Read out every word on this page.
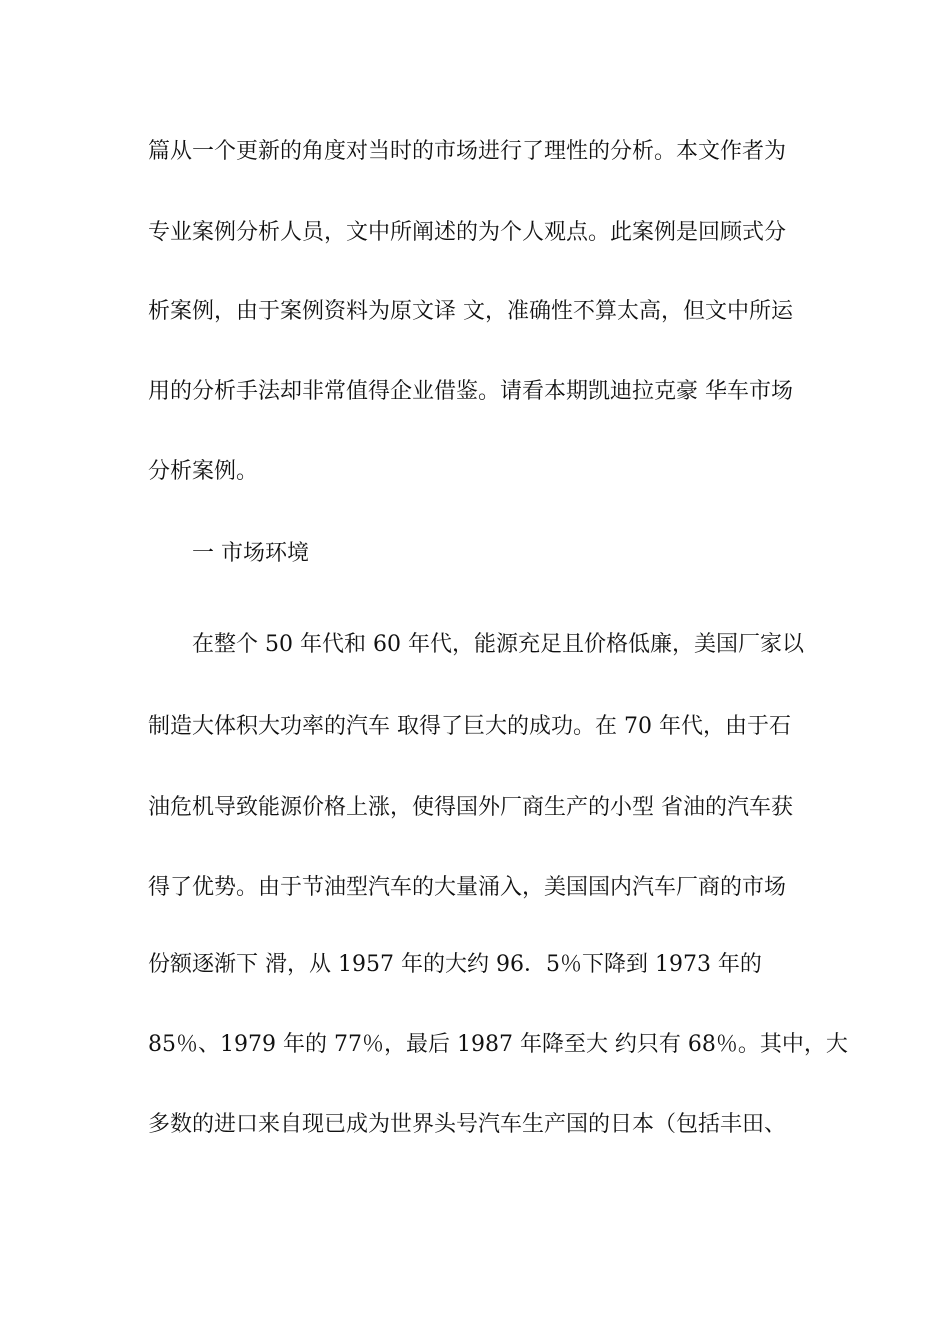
篇从一个更新的角度对当时的市场进行了理性的分析。本文作者为

专业案例分析人员，文中所阐述的为个人观点。此案例是回顾式分

析案例，由于案例资料为原文译 文，准确性不算太高，但文中所运

用的分析手法却非常值得企业借鉴。请看本期凯迪拉克豪 华车市场

分析案例。

一 市场环境

在整个 50 年代和 60 年代，能源充足且价格低廉，美国厂家以

制造大体积大功率的汽车 取得了巨大的成功。在 70 年代，由于石

油危机导致能源价格上涨，使得国外厂商生产的小型 省油的汽车获

得了优势。由于节油型汽车的大量涌入，美国国内汽车厂商的市场

份额逐渐下 滑，从 1957 年的大约 96．5％下降到 1973 年的

85％、1979 年的 77％，最后 1987 年降至大 约只有 68％。其中，大

多数的进口来自现已成为世界头号汽车生产国的日本（包括丰田、
